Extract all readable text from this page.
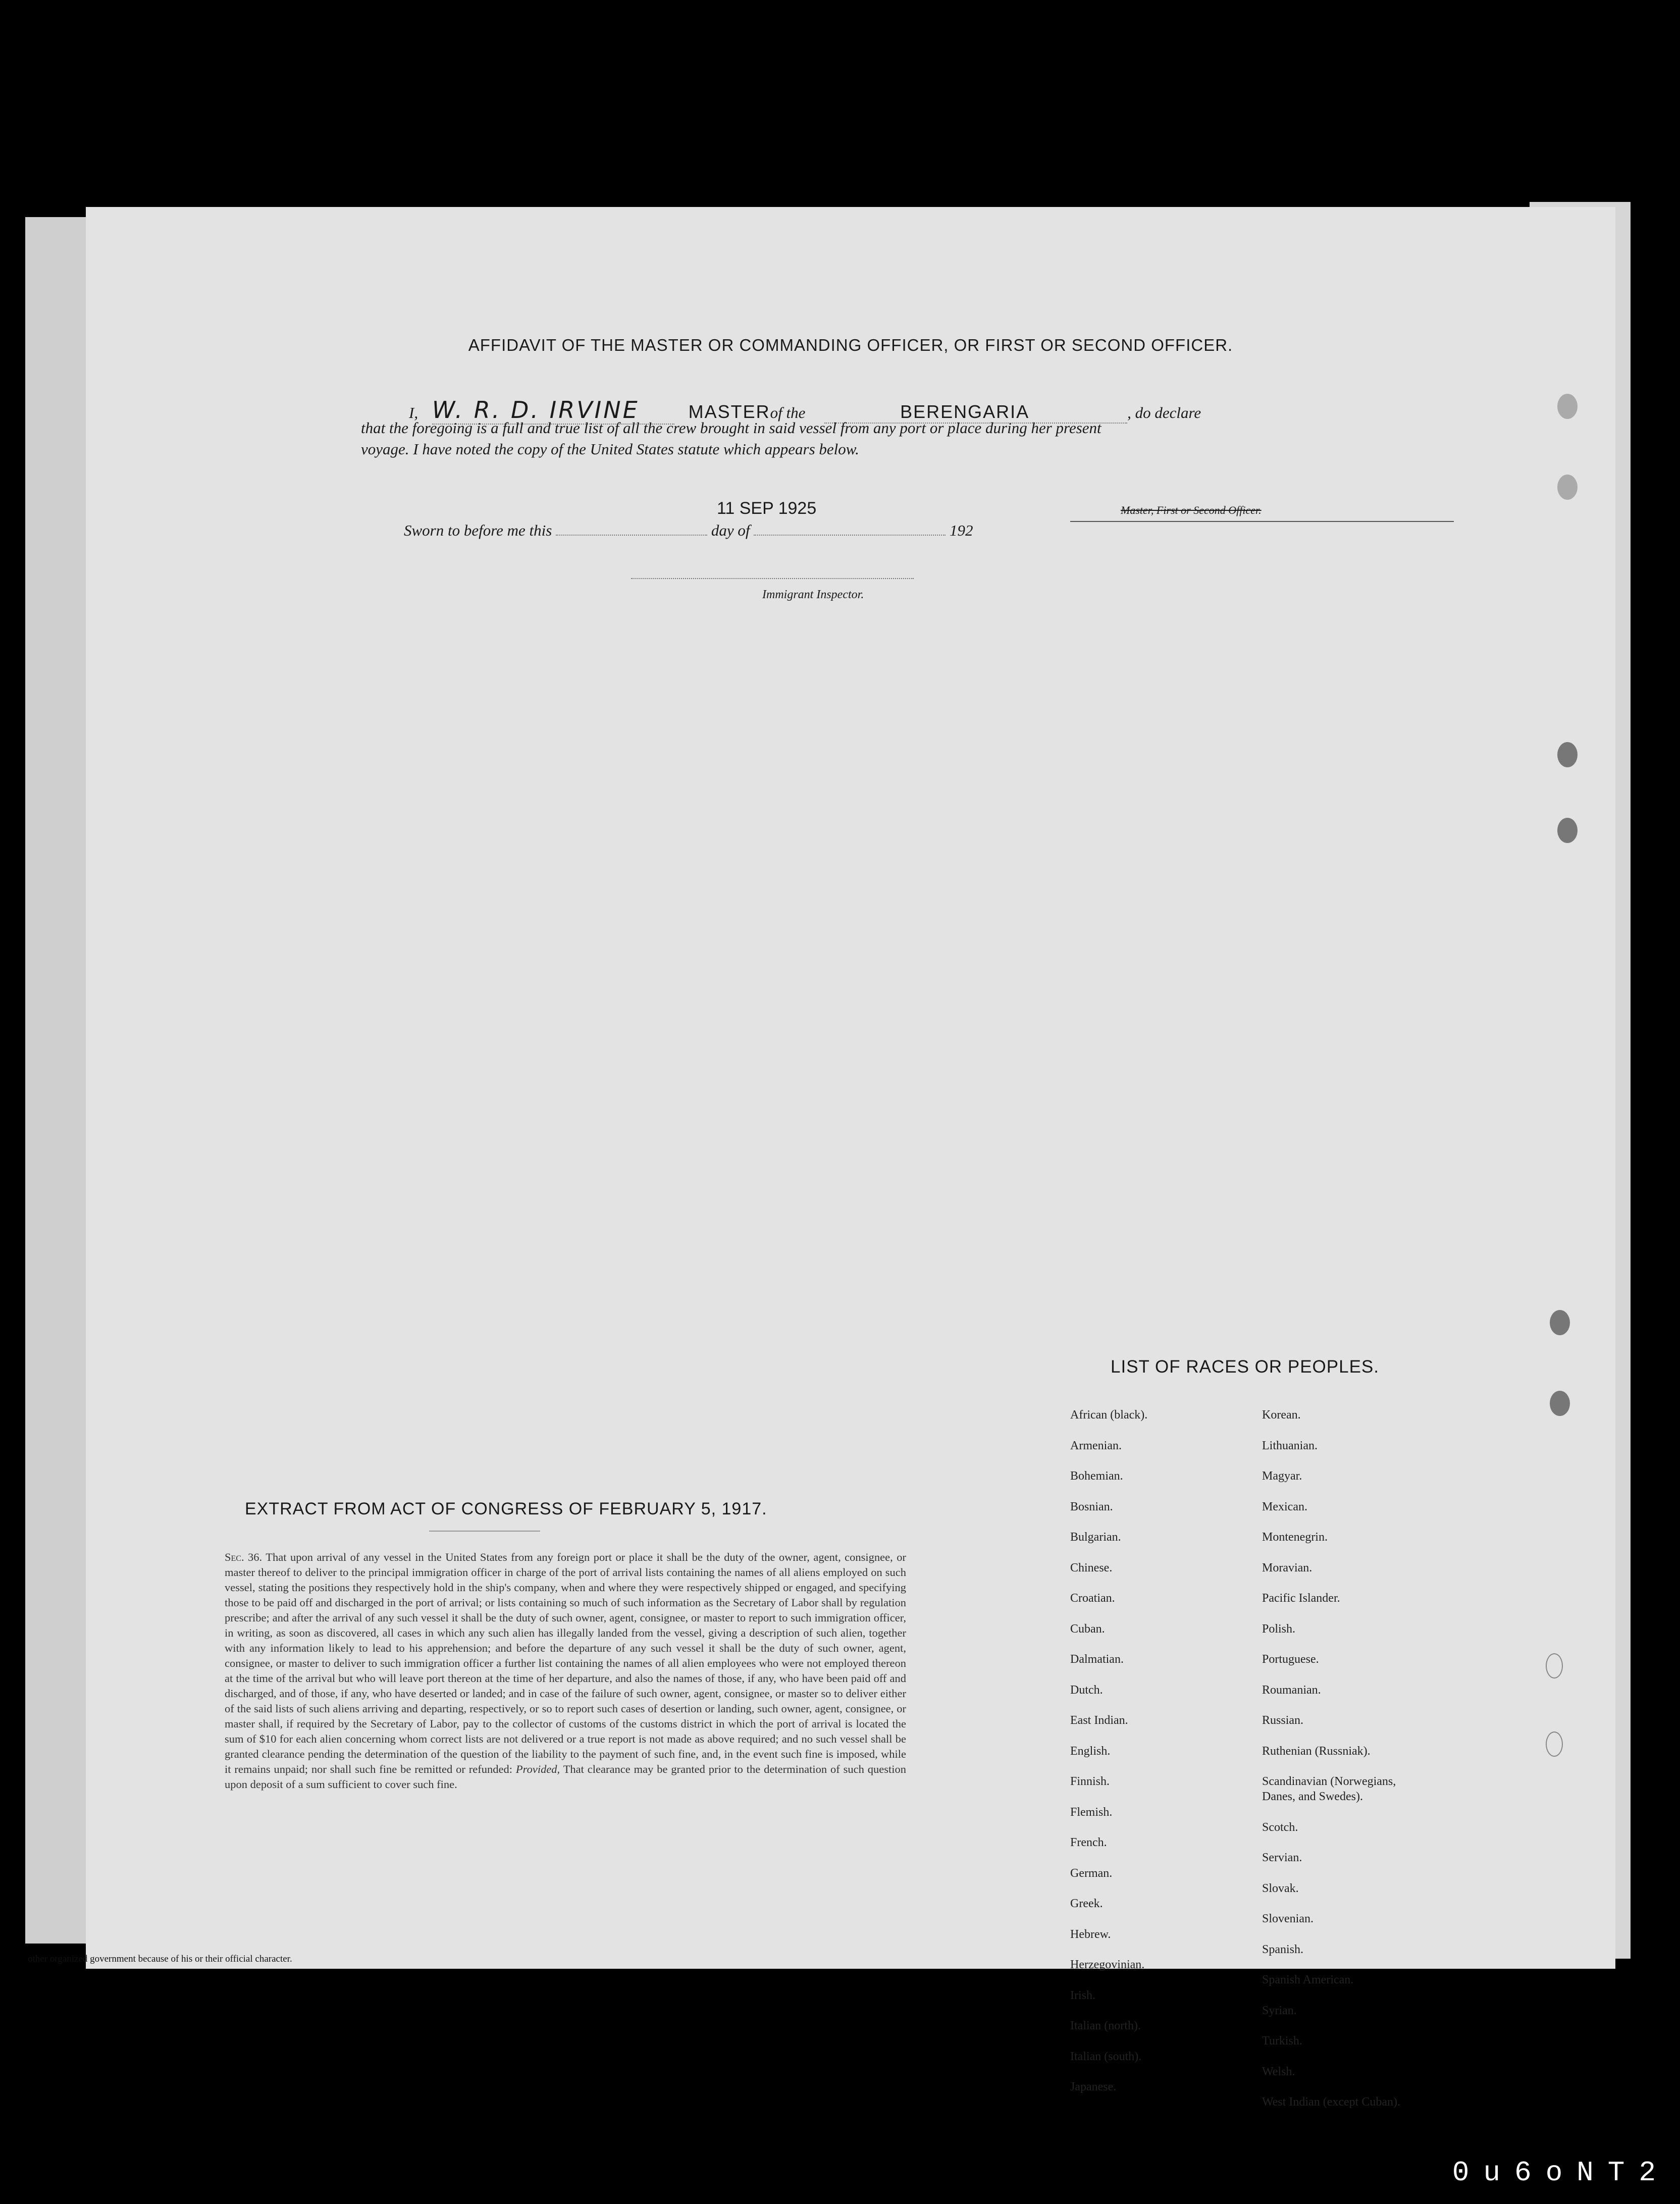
AFFIDAVIT OF THE MASTER OR COMMANDING OFFICER, OR FIRST OR SECOND OFFICER.
I, W. R. D. IRVINE	MASTERof the	BERENGARIA	, do declare
that the foregoing is a full and true list of all the crew brought in said vessel from any port or place during her present
voyage. I have noted the copy of the United States statute which appears below.
11 SEP 1925
Sworn to before me this	day of	192
Master, First or Second Officer.
Immigrant Inspector.
EXTRACT FROM ACT OF CONGRESS OF FEBRUARY 5, 1917.
Sec. 36. That upon arrival of any vessel in the United States from any foreign port or place it shall be the duty of the owner, agent, consignee, or master thereof to deliver to the principal immigration officer in charge of the port of arrival lists containing the names of all aliens employed on such vessel, stating the positions they respectively hold in the ship's company, when and where they were respectively shipped or engaged, and specifying those to be paid off and discharged in the port of arrival; or lists containing so much of such information as the Secretary of Labor shall by regulation prescribe; and after the arrival of any such vessel it shall be the duty of such owner, agent, consignee, or master to report to such immigration officer, in writing, as soon as discovered, all cases in which any such alien has illegally landed from the vessel, giving a description of such alien, together with any information likely to lead to his apprehension; and before the departure of any such vessel it shall be the duty of such owner, agent, consignee, or master to deliver to such immigration officer a further list containing the names of all alien employees who were not employed thereon at the time of the arrival but who will leave port thereon at the time of her departure, and also the names of those, if any, who have been paid off and discharged, and of those, if any, who have deserted or landed; and in case of the failure of such owner, agent, consignee, or master so to deliver either of the said lists of such aliens arriving and departing, respectively, or so to report such cases of desertion or landing, such owner, agent, consignee, or master shall, if required by the Secretary of Labor, pay to the collector of customs of the customs district in which the port of arrival is located the sum of $10 for each alien concerning whom correct lists are not delivered or a true report is not made as above required; and no such vessel shall be granted clearance pending the determination of the question of the liability to the payment of such fine, and, in the event such fine is imposed, while it remains unpaid; nor shall such fine be remitted or refunded: Provided, That clearance may be granted prior to the determination of such question upon deposit of a sum sufficient to cover such fine.
LIST OF RACES OR PEOPLES.
African (black).
Armenian.
Bohemian.
Bosnian.
Bulgarian.
Chinese.
Croatian.
Cuban.
Dalmatian.
Dutch.
East Indian.
English.
Finnish.
Flemish.
French.
German.
Greek.
Hebrew.
Herzegovinian.
Irish.
Italian (north).
Italian (south).
Japanese.
Korean.
Lithuanian.
Magyar.
Mexican.
Montenegrin.
Moravian.
Pacific Islander.
Polish.
Portuguese.
Roumanian.
Russian.
Ruthenian (Russniak).
Scandinavian (Norwegians,
Danes, and Swedes).
Scotch.
Servian.
Slovak.
Slovenian.
Spanish.
Spanish American.
Syrian.
Turkish.
Welsh.
West Indian (except Cuban).
other organized government because of his or their official character.
0u6oNT2
